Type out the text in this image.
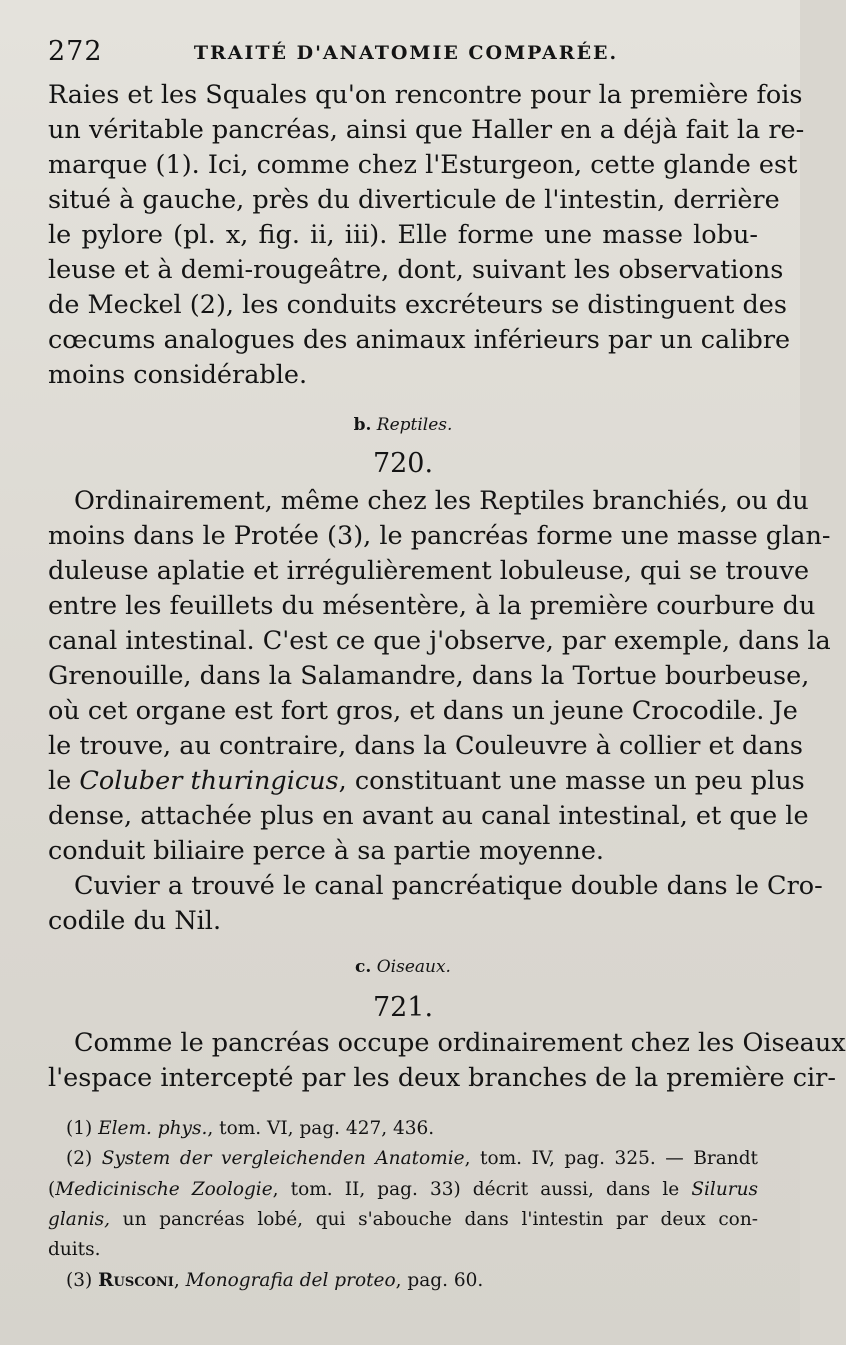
272	TRAITÉ D'ANATOMIE COMPARÉE.
Raies et les Squales qu'on rencontre pour la première fois
un véritable pancréas, ainsi que Haller en a déjà fait la re-
marque (1). Ici, comme chez l'Esturgeon, cette glande est
situé à gauche, près du diverticule de l'intestin, derrière
le pylore (pl. x, fig. ii, iii). Elle forme une masse lobu-
leuse et à demi-rougeâtre, dont, suivant les observations
de Meckel (2), les conduits excréteurs se distinguent des
cœcums analogues des animaux inférieurs par un calibre
moins considérable.
b. Reptiles.
720.
Ordinairement, même chez les Reptiles branchiés, ou du
moins dans le Protée (3), le pancréas forme une masse glan-
duleuse aplatie et irrégulièrement lobuleuse, qui se trouve
entre les feuillets du mésentère, à la première courbure du
canal intestinal. C'est ce que j'observe, par exemple, dans la
Grenouille, dans la Salamandre, dans la Tortue bourbeuse,
où cet organe est fort gros, et dans un jeune Crocodile. Je
le trouve, au contraire, dans la Couleuvre à collier et dans
le Coluber thuringicus, constituant une masse un peu plus
dense, attachée plus en avant au canal intestinal, et que le
conduit biliaire perce à sa partie moyenne.
Cuvier a trouvé le canal pancréatique double dans le Cro-
codile du Nil.
c. Oiseaux.
721.
Comme le pancréas occupe ordinairement chez les Oiseaux
l'espace intercepté par les deux branches de la première cir-
(1) Elem. phys., tom. VI, pag. 427, 436.
(2) System der vergleichenden Anatomie, tom. IV, pag. 325. — Brandt
(Medicinische Zoologie, tom. II, pag. 33) décrit aussi, dans le Silurus
glanis, un pancréas lobé, qui s'abouche dans l'intestin par deux con-
duits.
(3) Rusconi, Monografia del proteo, pag. 60.
